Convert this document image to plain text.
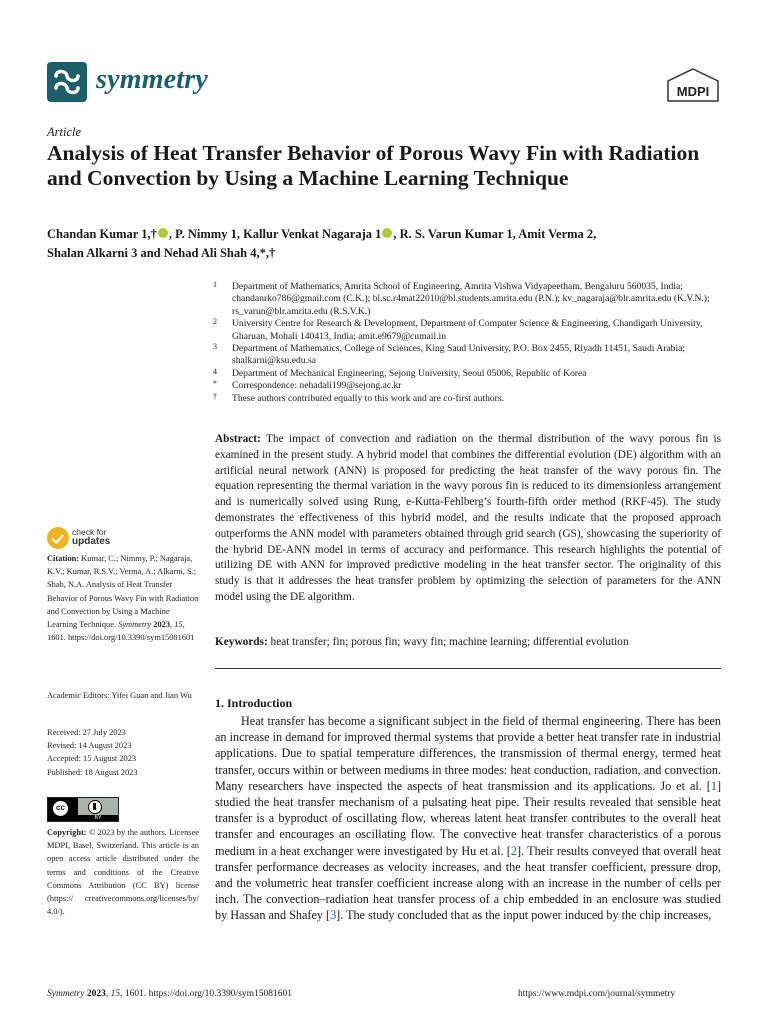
symmetry	MDPI
Article
Analysis of Heat Transfer Behavior of Porous Wavy Fin with Radiation and Convection by Using a Machine Learning Technique
Chandan Kumar 1,† , P. Nimmy 1, Kallur Venkat Nagaraja 1 , R. S. Varun Kumar 1, Amit Verma 2,
Shalan Alkarni 3 and Nehad Ali Shah 4,*,†
1 Department of Mathematics, Amrita School of Engineering, Amrita Vishwa Vidyapeetham, Bengaluru 560035, India; chandanrko786@gmail.com (C.K.); bl.sc.r4mat22010@bl.students.amrita.edu (P.N.); kv_nagaraja@blr.amrita.edu (K.V.N.); rs_varun@blr.amrita.edu (R.S.V.K.)
2 University Centre for Research & Development, Department of Computer Science & Engineering, Chandigarh University, Gharuan, Mohali 140413, India; amit.e9679@cumail.in
3 Department of Mathematics, College of Sciences, King Saud University, P.O. Box 2455, Riyadh 11451, Saudi Arabia; shalkarni@ksu.edu.sa
4 Department of Mechanical Engineering, Sejong University, Seoul 05006, Republic of Korea
* Correspondence: nehadali199@sejong.ac.kr
† These authors contributed equally to this work and are co-first authors.
Abstract: The impact of convection and radiation on the thermal distribution of the wavy porous fin is examined in the present study. A hybrid model that combines the differential evolution (DE) algorithm with an artificial neural network (ANN) is proposed for predicting the heat transfer of the wavy porous fin. The equation representing the thermal variation in the wavy porous fin is reduced to its dimensionless arrangement and is numerically solved using Rung, e-Kutta-Fehlberg’s fourth-fifth order method (RKF-45). The study demonstrates the effectiveness of this hybrid model, and the results indicate that the proposed approach outperforms the ANN model with parameters obtained through grid search (GS), showcasing the superiority of the hybrid DE-ANN model in terms of accuracy and performance. This research highlights the potential of utilizing DE with ANN for improved predictive modeling in the heat transfer sector. The originality of this study is that it addresses the heat transfer problem by optimizing the selection of parameters for the ANN model using the DE algorithm.
Keywords: heat transfer; fin; porous fin; wavy fin; machine learning; differential evolution
check for
updates
Citation: Kumar, C.; Nimmy, P.; Nagaraja, K.V.; Kumar, R.S.V.; Verma, A.; Alkarni, S.; Shah, N.A. Analysis of Heat Transfer Behavior of Porous Wavy Fin with Radiation and Convection by Using a Machine Learning Technique. Symmetry 2023, 15, 1601. https://doi.org/10.3390/sym15081601
Academic Editors: Yifei Guan and Jian Wu
Received: 27 July 2023
Revised: 14 August 2023
Accepted: 15 August 2023
Published: 18 August 2023
cc
BY
Copyright: © 2023 by the authors. Licensee MDPI, Basel, Switzerland. This article is an open access article distributed under the terms and conditions of the Creative Commons Attribution (CC BY) license (https:// creativecommons.org/licenses/by/ 4.0/).
1. Introduction

Heat transfer has become a significant subject in the field of thermal engineering. There has been an increase in demand for improved thermal systems that provide a better heat transfer rate in industrial applications. Due to spatial temperature differences, the transmission of thermal energy, termed heat transfer, occurs within or between mediums in three modes: heat conduction, radiation, and convection. Many researchers have inspected the aspects of heat transmission and its applications. Jo et al. [1] studied the heat transfer mechanism of a pulsating heat pipe. Their results revealed that sensible heat transfer is a byproduct of oscillating flow, whereas latent heat transfer contributes to the overall heat transfer and encourages an oscillating flow. The convective heat transfer characteristics of a porous medium in a heat exchanger were investigated by Hu et al. [2]. Their results conveyed that overall heat transfer performance decreases as velocity increases, and the heat transfer coefficient, pressure drop, and the volumetric heat transfer coefficient increase along with an increase in the number of cells per inch. The convection–radiation heat transfer process of a chip embedded in an enclosure was studied by Hassan and Shafey [3]. The study concluded that as the input power induced by the chip increases,

Symmetry 2023, 15, 1601. https://doi.org/10.3390/sym15081601	https://www.mdpi.com/journal/symmetry
